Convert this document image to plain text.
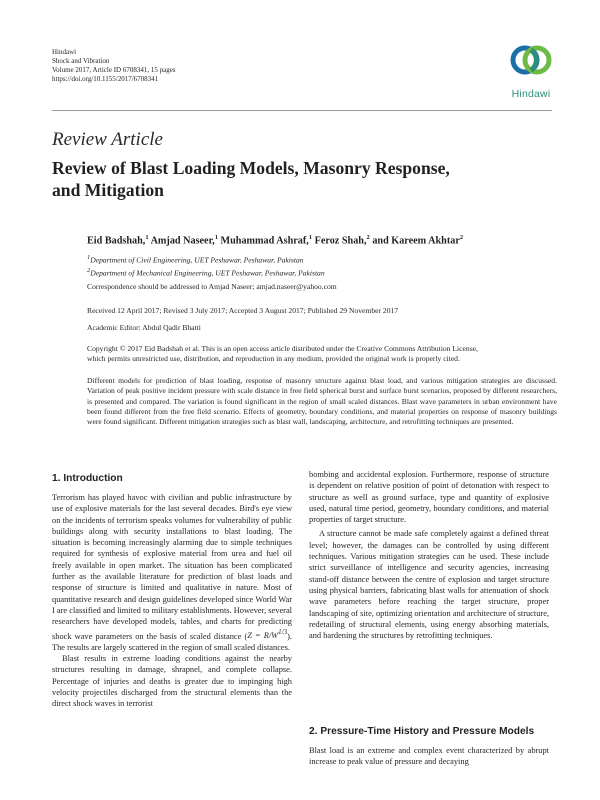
Hindawi
Shock and Vibration
Volume 2017, Article ID 6708341, 15 pages
https://doi.org/10.1155/2017/6708341
Hindawi
Review Article
Review of Blast Loading Models, Masonry Response,
and Mitigation
Eid Badshah,$^1$ Amjad Naseer,$^1$ Muhammad Ashraf,$^1$ Feroz Shah,$^2$ and Kareem Akhtar$^2$
$^1$Department of Civil Engineering, UET Peshawar, Peshawar, Pakistan
$^2$Department of Mechanical Engineering, UET Peshawar, Peshawar, Pakistan
Correspondence should be addressed to Amjad Naseer; amjad.naseer@yahoo.com
Received 12 April 2017; Revised 3 July 2017; Accepted 3 August 2017; Published 29 November 2017
Academic Editor: Abdul Qadir Bhatti
Copyright © 2017 Eid Badshah et al. This is an open access article distributed under the Creative Commons Attribution License,
which permits unrestricted use, distribution, and reproduction in any medium, provided the original work is properly cited.
Different models for prediction of blast loading, response of masonry structure against blast load, and various mitigation strategies are discussed. Variation of peak positive incident pressure with scale distance in free field spherical burst and surface burst scenarios, proposed by different researchers, is presented and compared. The variation is found significant in the region of small scaled distances. Blast wave parameters in urban environment have been found different from the free field scenario. Effects of geometry, boundary conditions, and material properties on response of masonry buildings were found significant. Different mitigation strategies such as blast wall, landscaping, architecture, and retrofitting techniques are presented.
1. Introduction

Terrorism has played havoc with civilian and public infrastructure by use of explosive materials for the last several decades. Bird's eye view on the incidents of terrorism speaks volumes for vulnerability of public buildings along with security installations to blast loading. The situation is becoming increasingly alarming due to simple techniques required for synthesis of explosive material from urea and fuel oil freely available in open market. The situation has been complicated further as the available literature for prediction of blast loads and response of structure is limited and qualitative in nature. Most of quantitative research and design guidelines developed since World War I are classified and limited to military establishments. However, several researchers have developed models, tables, and charts for predicting shock wave parameters on the basis of scaled distance $(Z = R/W^{1/3})$. The results are largely scattered in the region of small scaled distances.

Blast results in extreme loading conditions against the nearby structures resulting in damage, shrapnel, and complete collapse. Percentage of injuries and deaths is greater due to impinging high velocity projectiles discharged from the structural elements than the direct shock waves in terrorist

bombing and accidental explosion. Furthermore, response of structure is dependent on relative position of point of detonation with respect to structure as well as ground surface, type and quantity of explosive used, natural time period, geometry, boundary conditions, and material properties of target structure.

A structure cannot be made safe completely against a defined threat level; however, the damages can be controlled by using different techniques. Various mitigation strategies can be used. These include strict surveillance of intelligence and security agencies, increasing stand-off distance between the centre of explosion and target structure using physical barriers, fabricating blast walls for attenuation of shock wave parameters before reaching the target structure, proper landscaping of site, optimizing orientation and architecture of structure, redetailing of structural elements, using energy absorbing materials, and hardening the structures by retrofitting techniques.

2. Pressure-Time History and Pressure Models
Blast load is an extreme and complex event characterized by abrupt increase to peak value of pressure and decaying
